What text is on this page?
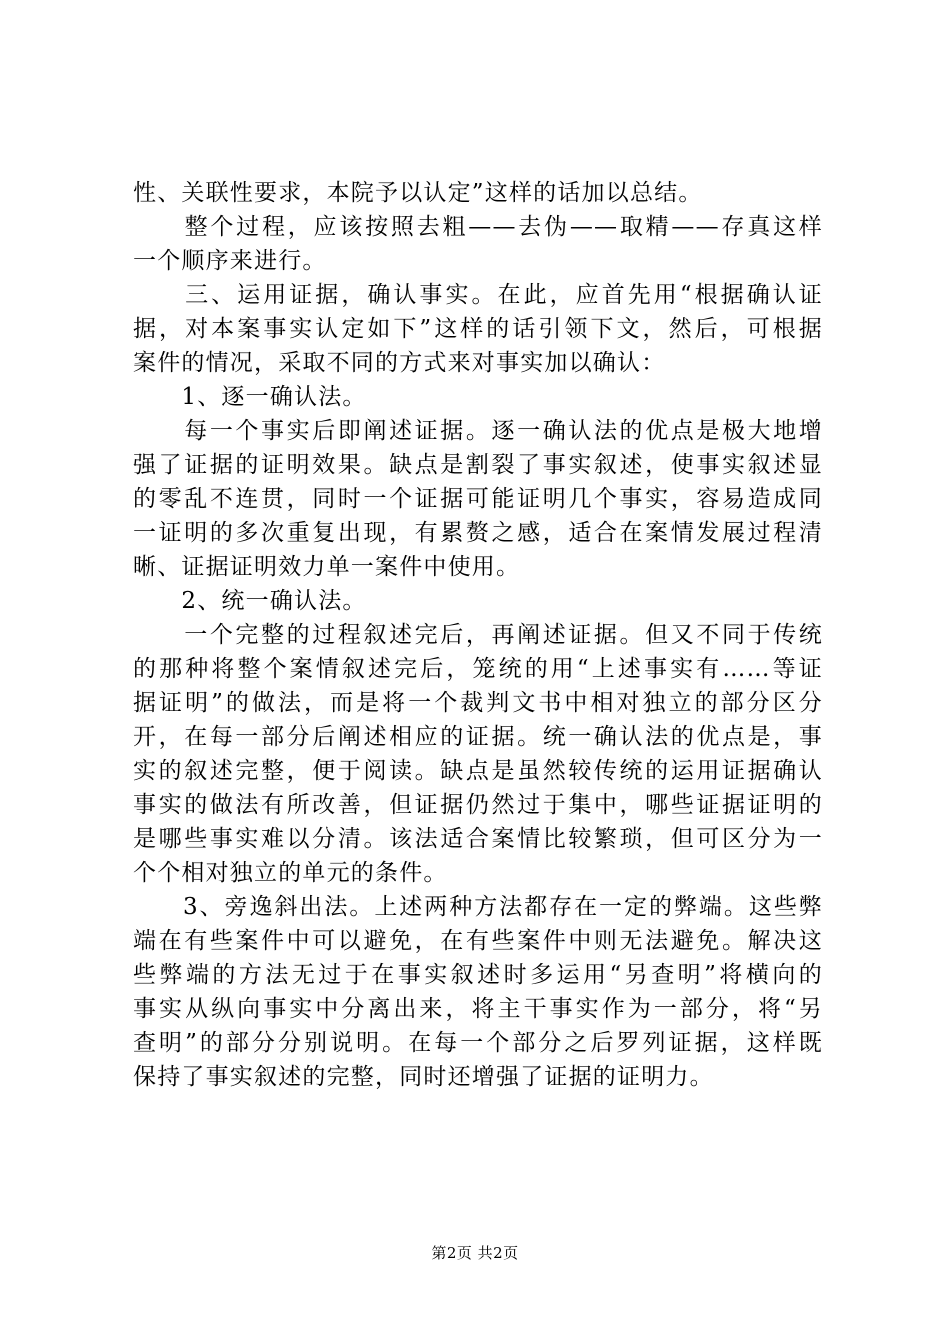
性、关联性要求，本院予以认定”这样的话加以总结。
　　整个过程，应该按照去粗——去伪——取精——存真这样
一个顺序来进行。
　　三、运用证据，确认事实。在此，应首先用“根据确认证
据，对本案事实认定如下”这样的话引领下文，然后，可根据
案件的情况，采取不同的方式来对事实加以确认：
　　1、逐一确认法。
　　每一个事实后即阐述证据。逐一确认法的优点是极大地增
强了证据的证明效果。缺点是割裂了事实叙述，使事实叙述显
的零乱不连贯，同时一个证据可能证明几个事实，容易造成同
一证明的多次重复出现，有累赘之感，适合在案情发展过程清
晰、证据证明效力单一案件中使用。
　　2、统一确认法。
　　一个完整的过程叙述完后，再阐述证据。但又不同于传统
的那种将整个案情叙述完后，笼统的用“上述事实有……等证
据证明”的做法，而是将一个裁判文书中相对独立的部分区分
开，在每一部分后阐述相应的证据。统一确认法的优点是，事
实的叙述完整，便于阅读。缺点是虽然较传统的运用证据确认
事实的做法有所改善，但证据仍然过于集中，哪些证据证明的
是哪些事实难以分清。该法适合案情比较繁琐，但可区分为一
个个相对独立的单元的条件。
　　3、旁逸斜出法。上述两种方法都存在一定的弊端。这些弊
端在有些案件中可以避免，在有些案件中则无法避免。解决这
些弊端的方法无过于在事实叙述时多运用“另查明”将横向的
事实从纵向事实中分离出来，将主干事实作为一部分，将“另
查明”的部分分别说明。在每一个部分之后罗列证据，这样既
保持了事实叙述的完整，同时还增强了证据的证明力。
第2页 共2页
